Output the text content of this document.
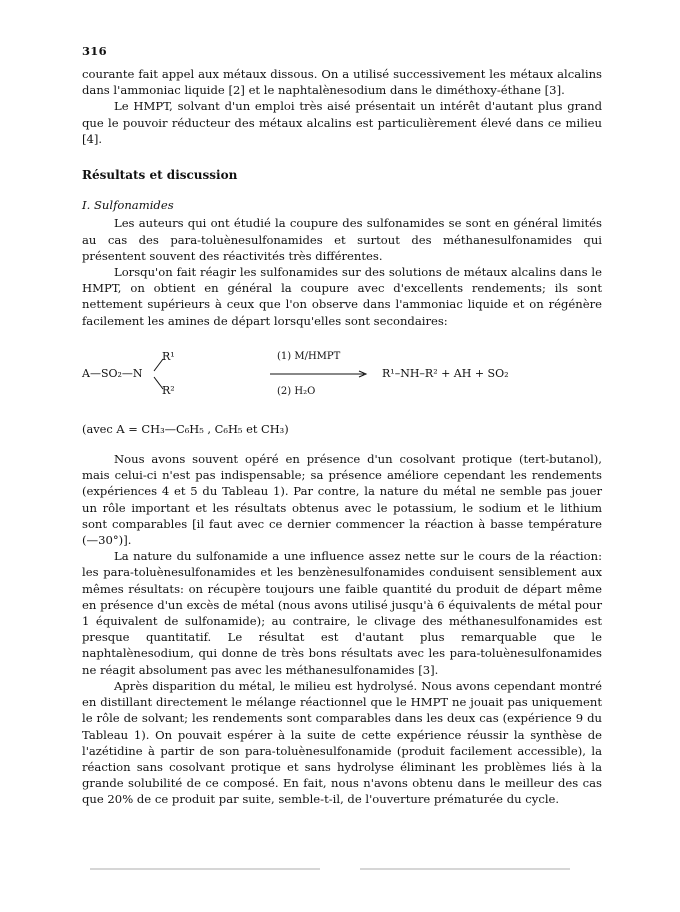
316

courante fait appel aux métaux dissous. On a utilisé successivement les métaux alcalins dans l'ammoniac liquide [2] et le naphtalènesodium dans le diméthoxy-éthane [3].

Le HMPT, solvant d'un emploi très aisé présentait un intérêt d'autant plus grand que le pouvoir réducteur des métaux alcalins est particulièrement élevé dans ce milieu [4].

Résultats et discussion
I. Sulfonamides

Les auteurs qui ont étudié la coupure des sulfonamides se sont en général limités au cas des para-toluènesulfonamides et surtout des méthanesulfonamides qui présentent souvent des réactivités très différentes.

Lorsqu'on fait réagir les sulfonamides sur des solutions de métaux alcalins dans le HMPT, on obtient en général la coupure avec d'excellents rendements; ils sont nettement supérieurs à ceux que l'on observe dans l'ammoniac liquide et on régénère facilement les amines de départ lorsqu'elles sont secondaires:

A—SO₂—N
R¹
R²
(1) M/HMPT
(2) H₂O
R¹–NH–R² + AH + SO₂

(avec A = CH₃—C₆H₅ , C₆H₅ et CH₃)

Nous avons souvent opéré en présence d'un cosolvant protique (tert-butanol), mais celui-ci n'est pas indispensable; sa présence améliore cependant les rendements (expériences 4 et 5 du Tableau 1). Par contre, la nature du métal ne semble pas jouer un rôle important et les résultats obtenus avec le potassium, le sodium et le lithium sont comparables [il faut avec ce dernier commencer la réaction à basse température (—30°)].

La nature du sulfonamide a une influence assez nette sur le cours de la réaction: les para-toluènesulfonamides et les benzènesulfonamides conduisent sensiblement aux mêmes résultats: on récupère toujours une faible quantité du produit de départ même en présence d'un excès de métal (nous avons utilisé jusqu'à 6 équivalents de métal pour 1 équivalent de sulfonamide); au contraire, le clivage des méthanesulfonamides est presque quantitatif. Le résultat est d'autant plus remarquable que le naphtalènesodium, qui donne de très bons résultats avec les para-toluènesulfonamides ne réagit absolument pas avec les méthanesulfonamides [3].

Après disparition du métal, le milieu est hydrolysé. Nous avons cependant montré en distillant directement le mélange réactionnel que le HMPT ne jouait pas uniquement le rôle de solvant; les rendements sont comparables dans les deux cas (expérience 9 du Tableau 1). On pouvait espérer à la suite de cette expérience réussir la synthèse de l'azétidine à partir de son para-toluènesulfonamide (produit facilement accessible), la réaction sans cosolvant protique et sans hydrolyse éliminant les problèmes liés à la grande solubilité de ce composé. En fait, nous n'avons obtenu dans le meilleur des cas que 20% de ce produit par suite, semble-t-il, de l'ouverture prématurée du cycle.
